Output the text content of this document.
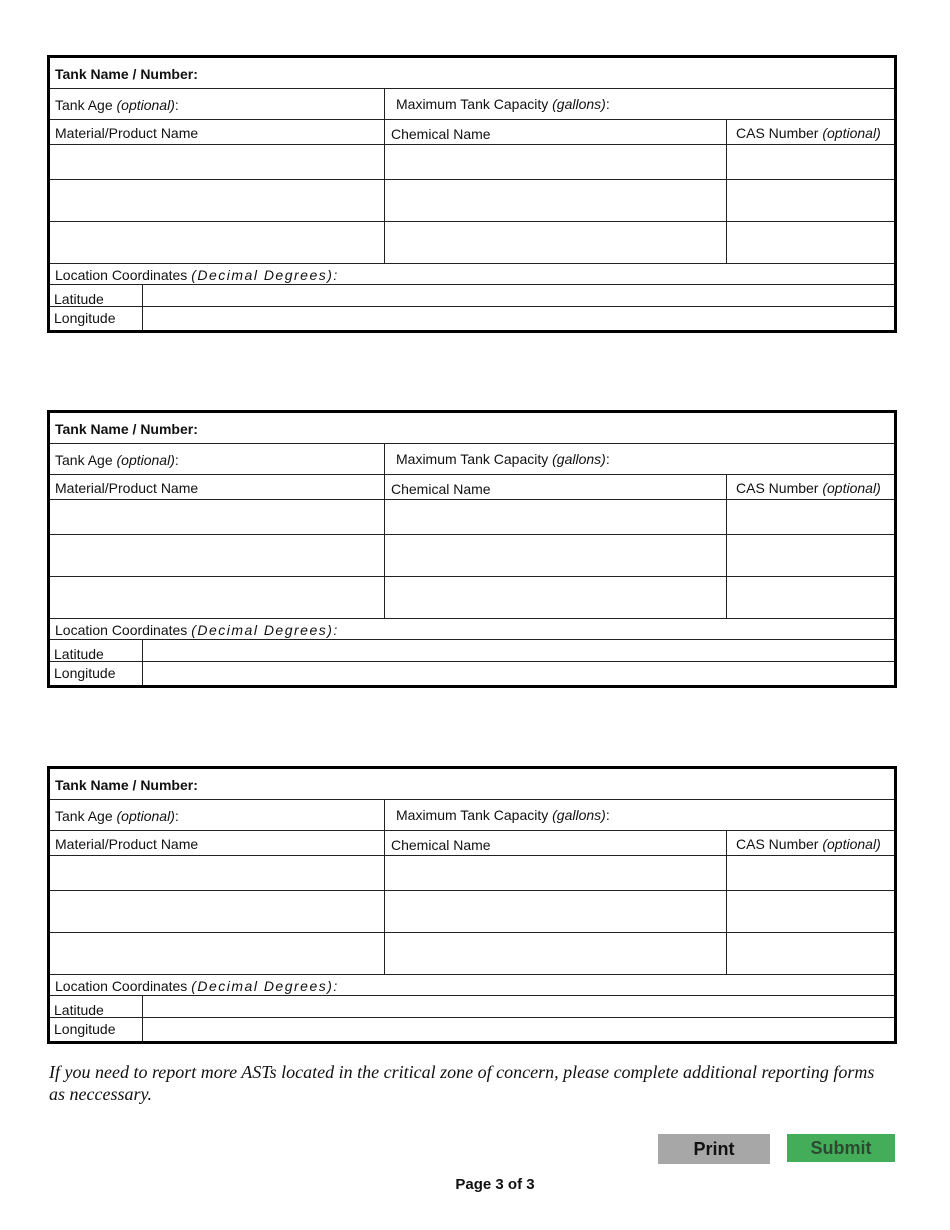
Tank Name / Number:
Tank Age (optional):	Maximum Tank Capacity (gallons):
Material/Product Name	Chemical Name	CAS Number (optional)
Location Coordinates (Decimal Degrees):
Latitude
Longitude
Tank Name / Number:
Tank Age (optional):	Maximum Tank Capacity (gallons):
Material/Product Name	Chemical Name	CAS Number (optional)
Location Coordinates (Decimal Degrees):
Latitude
Longitude
Tank Name / Number:
Tank Age (optional):	Maximum Tank Capacity (gallons):
Material/Product Name	Chemical Name	CAS Number (optional)
Location Coordinates (Decimal Degrees):
Latitude
Longitude
If you need to report more ASTs located in the critical zone of concern, please complete additional reporting forms as neccessary.
Print	Submit
Page 3 of 3
